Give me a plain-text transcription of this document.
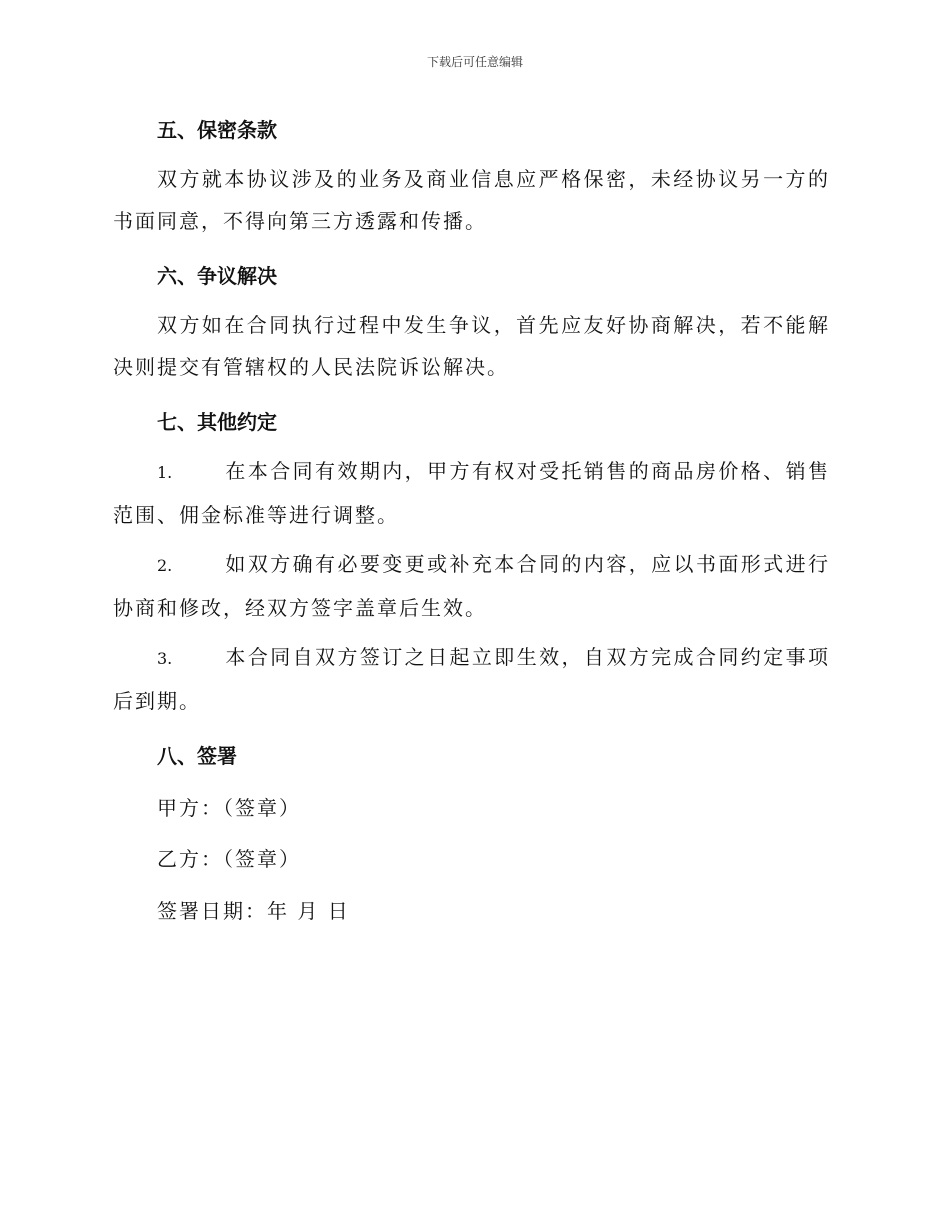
下载后可任意编辑
五、保密条款
双方就本协议涉及的业务及商业信息应严格保密，未经协议另一方的书面同意，不得向第三方透露和传播。
六、争议解决
双方如在合同执行过程中发生争议，首先应友好协商解决，若不能解决则提交有管辖权的人民法院诉讼解决。
七、其他约定
1.	在本合同有效期内，甲方有权对受托销售的商品房价格、销售范围、佣金标准等进行调整。
2.	如双方确有必要变更或补充本合同的内容，应以书面形式进行协商和修改，经双方签字盖章后生效。
3.	本合同自双方签订之日起立即生效，自双方完成合同约定事项后到期。
八、签署
甲方：（签章）
乙方：（签章）
签署日期：年 月 日
